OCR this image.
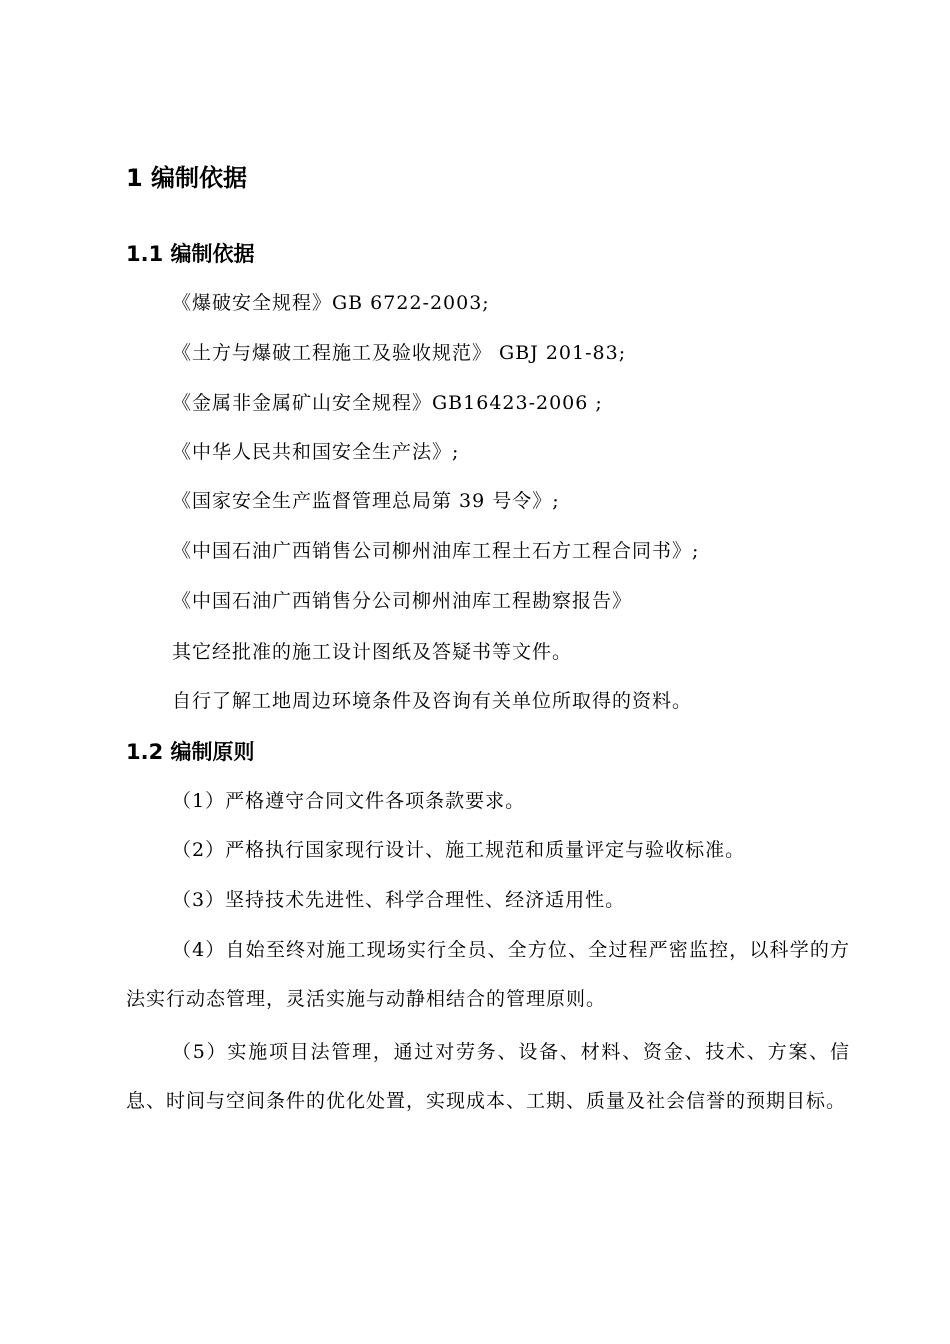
1 编制依据
1.1 编制依据
《爆破安全规程》GB 6722-2003;
《土方与爆破工程施工及验收规范》 GBJ 201-83;
《金属非金属矿山安全规程》GB16423-2006 ;
《中华人民共和国安全生产法》;
《国家安全生产监督管理总局第 39 号令》;
《中国石油广西销售公司柳州油库工程土石方工程合同书》;
《中国石油广西销售分公司柳州油库工程勘察报告》
其它经批准的施工设计图纸及答疑书等文件。
自行了解工地周边环境条件及咨询有关单位所取得的资料。
1.2 编制原则
（1）严格遵守合同文件各项条款要求。
（2）严格执行国家现行设计、施工规范和质量评定与验收标准。
（3）坚持技术先进性、科学合理性、经济适用性。
（4）自始至终对施工现场实行全员、全方位、全过程严密监控，以科学的方法实行动态管理，灵活实施与动静相结合的管理原则。
（5）实施项目法管理，通过对劳务、设备、材料、资金、技术、方案、信息、时间与空间条件的优化处置，实现成本、工期、质量及社会信誉的预期目标。
